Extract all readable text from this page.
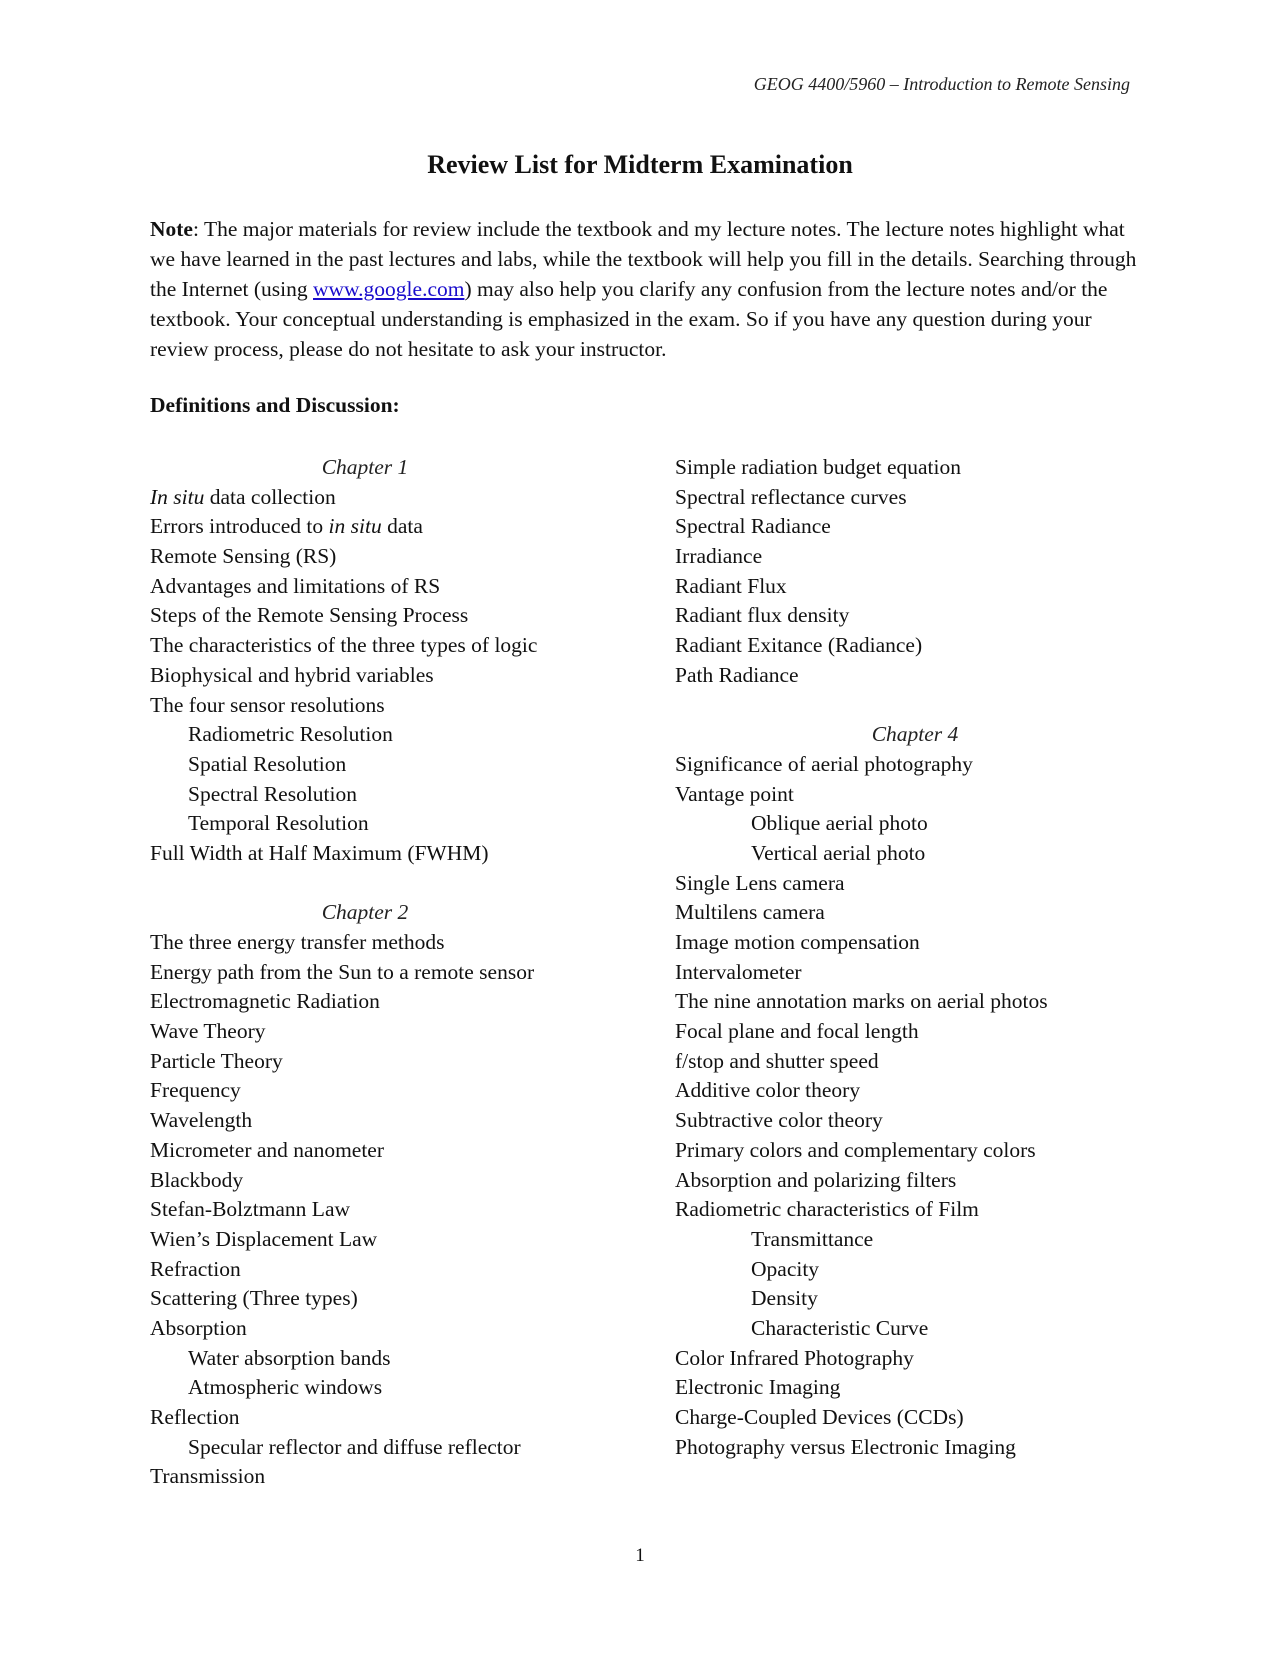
GEOG 4400/5960 – Introduction to Remote Sensing
Review List for Midterm Examination
Note: The major materials for review include the textbook and my lecture notes. The lecture notes highlight what we have learned in the past lectures and labs, while the textbook will help you fill in the details. Searching through the Internet (using www.google.com) may also help you clarify any confusion from the lecture notes and/or the textbook. Your conceptual understanding is emphasized in the exam. So if you have any question during your review process, please do not hesitate to ask your instructor.
Definitions and Discussion:
Chapter 1
In situ data collection
Errors introduced to in situ data
Remote Sensing (RS)
Advantages and limitations of RS
Steps of the Remote Sensing Process
The characteristics of the three types of logic
Biophysical and hybrid variables
The four sensor resolutions
Radiometric Resolution
Spatial Resolution
Spectral Resolution
Temporal Resolution
Full Width at Half Maximum (FWHM)
Chapter 2
The three energy transfer methods
Energy path from the Sun to a remote sensor
Electromagnetic Radiation
Wave Theory
Particle Theory
Frequency
Wavelength
Micrometer and nanometer
Blackbody
Stefan-Bolztmann Law
Wien’s Displacement Law
Refraction
Scattering (Three types)
Absorption
Water absorption bands
Atmospheric windows
Reflection
Specular reflector and diffuse reflector
Transmission
Simple radiation budget equation
Spectral reflectance curves
Spectral Radiance
Irradiance
Radiant Flux
Radiant flux density
Radiant Exitance (Radiance)
Path Radiance
Chapter 4
Significance of aerial photography
Vantage point
Oblique aerial photo
Vertical aerial photo
Single Lens camera
Multilens camera
Image motion compensation
Intervalometer
The nine annotation marks on aerial photos
Focal plane and focal length
f/stop and shutter speed
Additive color theory
Subtractive color theory
Primary colors and complementary colors
Absorption and polarizing filters
Radiometric characteristics of Film
Transmittance
Opacity
Density
Characteristic Curve
Color Infrared Photography
Electronic Imaging
Charge-Coupled Devices (CCDs)
Photography versus Electronic Imaging
1
